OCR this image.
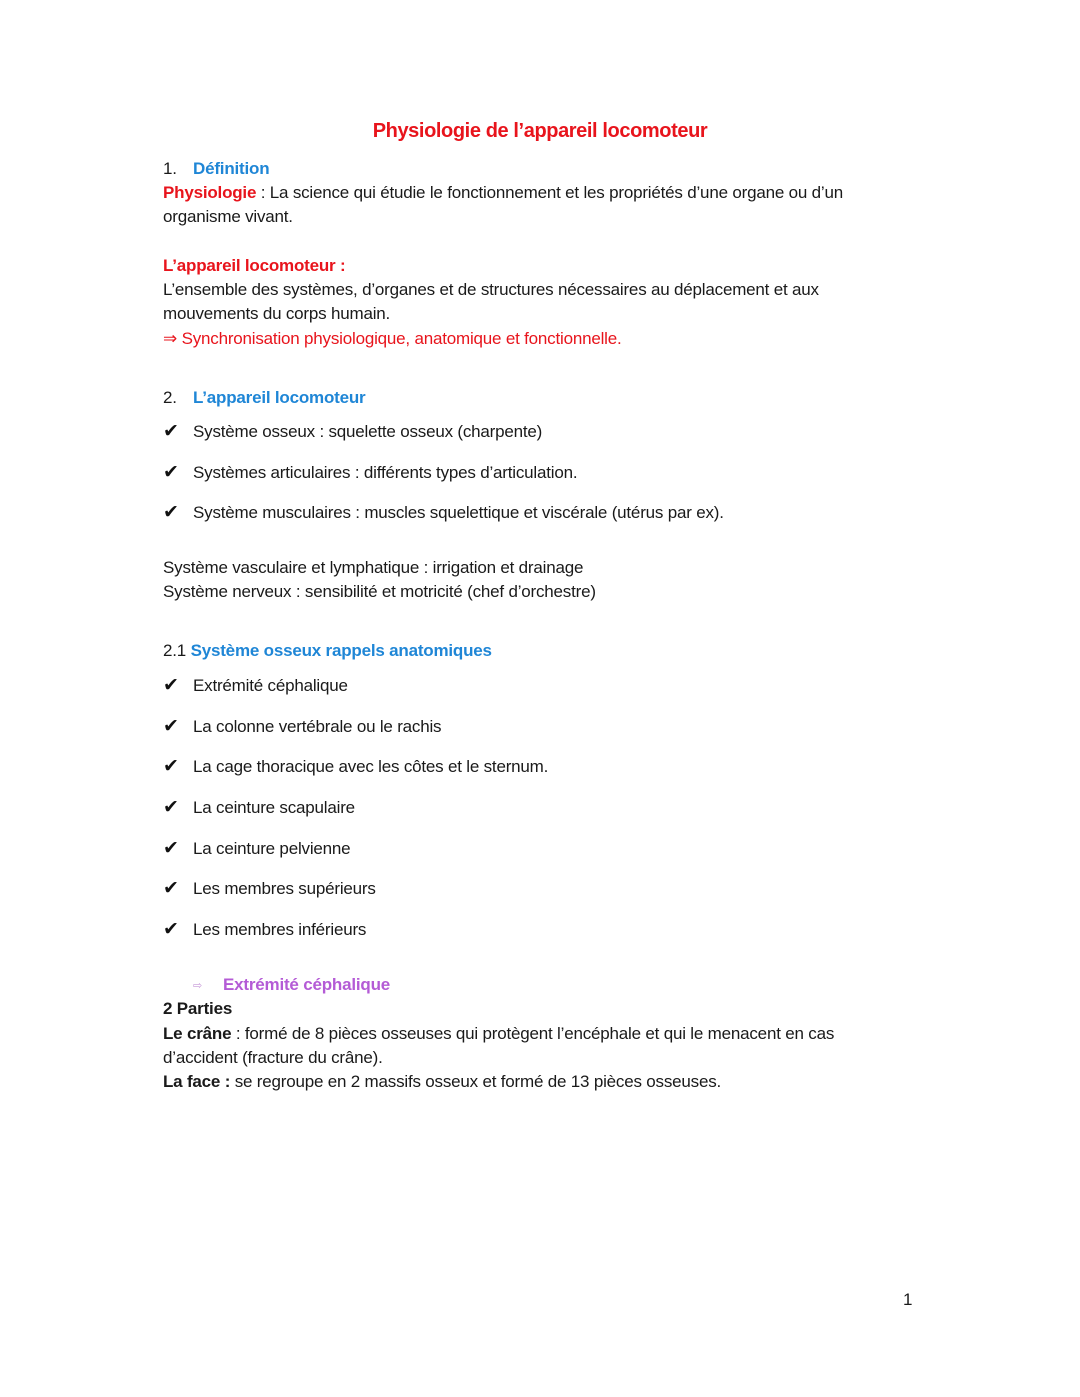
Physiologie de l’appareil locomoteur
1. Définition
Physiologie : La science qui étudie le fonctionnement et les propriétés d’une organe ou d’un
organisme vivant.
L’appareil locomoteur :
L’ensemble des systèmes, d’organes et de structures nécessaires au déplacement et aux
mouvements du corps humain.
⇒ Synchronisation physiologique, anatomique et fonctionnelle.
2. L’appareil locomoteur
✔ Système osseux : squelette osseux (charpente)
✔ Systèmes articulaires : différents types d’articulation.
✔ Système musculaires : muscles squelettique et viscérale (utérus par ex).
Système vasculaire et lymphatique : irrigation et drainage
Système nerveux : sensibilité et motricité (chef d’orchestre)
2.1 Système osseux rappels anatomiques
✔ Extrémité céphalique
✔ La colonne vertébrale ou le rachis
✔ La cage thoracique avec les côtes et le sternum.
✔ La ceinture scapulaire
✔ La ceinture pelvienne
✔ Les membres supérieurs
✔ Les membres inférieurs
⇨ Extrémité céphalique
2 Parties
Le crâne : formé de 8 pièces osseuses qui protègent l’encéphale et qui le menacent en cas
d’accident (fracture du crâne).
La face : se regroupe en 2 massifs osseux et formé de 13 pièces osseuses.
1
